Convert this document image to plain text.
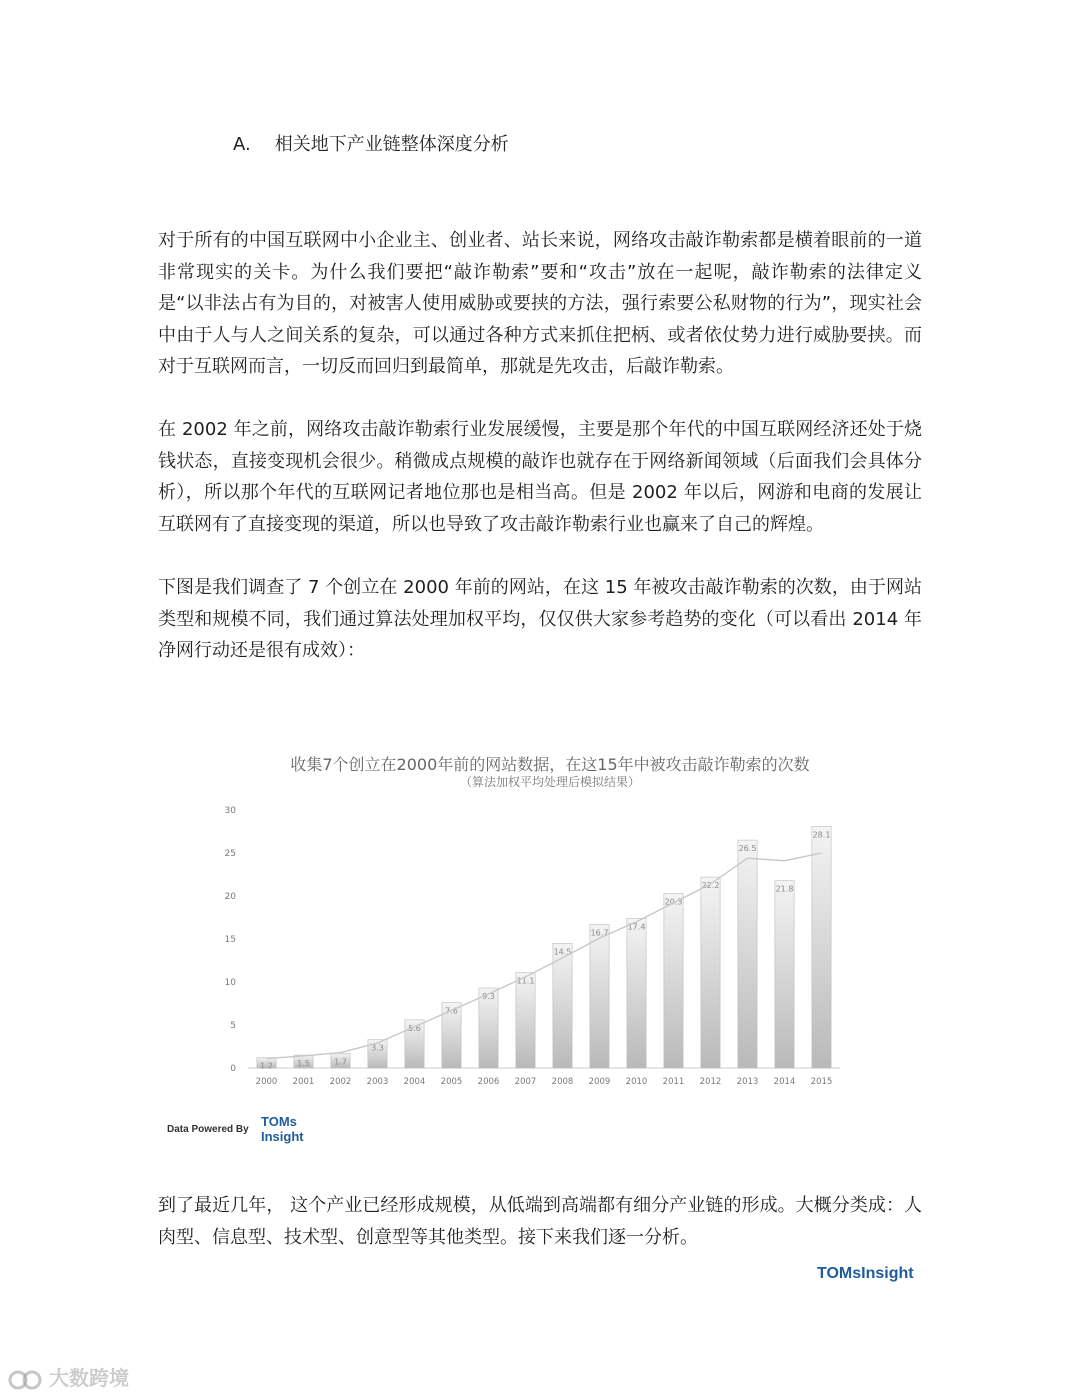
A. 相关地下产业链整体深度分析
对于所有的中国互联网中小企业主、创业者、站长来说，网络攻击敲诈勒索都是横着眼前的一道非常现实的关卡。为什么我们要把“敲诈勒索”要和“攻击”放在一起呢，敲诈勒索的法律定义是“以非法占有为目的，对被害人使用威胁或要挟的方法，强行索要公私财物的行为”，现实社会中由于人与人之间关系的复杂，可以通过各种方式来抓住把柄、或者依仗势力进行威胁要挟。而对于互联网而言，一切反而回归到最简单，那就是先攻击，后敲诈勒索。
在 2002 年之前，网络攻击敲诈勒索行业发展缓慢，主要是那个年代的中国互联网经济还处于烧钱状态，直接变现机会很少。稍微成点规模的敲诈也就存在于网络新闻领域（后面我们会具体分析），所以那个年代的互联网记者地位那也是相当高。但是 2002 年以后，网游和电商的发展让互联网有了直接变现的渠道，所以也导致了攻击敲诈勒索行业也赢来了自己的辉煌。
下图是我们调查了 7 个创立在 2000 年前的网站，在这 15 年被攻击敲诈勒索的次数，由于网站类型和规模不同，我们通过算法处理加权平均，仅仅供大家参考趋势的变化（可以看出 2014 年净网行动还是很有成效）：
收集7个创立在2000年前的网站数据，在这15年中被攻击敲诈勒索的次数
（算法加权平均处理后模拟结果）
0
5
10
15
20
25
30
1.2
2000
1.5
2001
1.7
2002
3.3
2003
5.6
2004
7.6
2005
9.3
2006
11.1
2007
14.5
2008
16.7
2009
17.4
2010
20.3
2011
22.2
2012
26.5
2013
21.8
2014
28.1
2015
Data Powered By
TOMs
Insight
到了最近几年， 这个产业已经形成规模，从低端到高端都有细分产业链的形成。大概分类成：人肉型、信息型、技术型、创意型等其他类型。接下来我们逐一分析。
TOMsInsight
大数跨境
